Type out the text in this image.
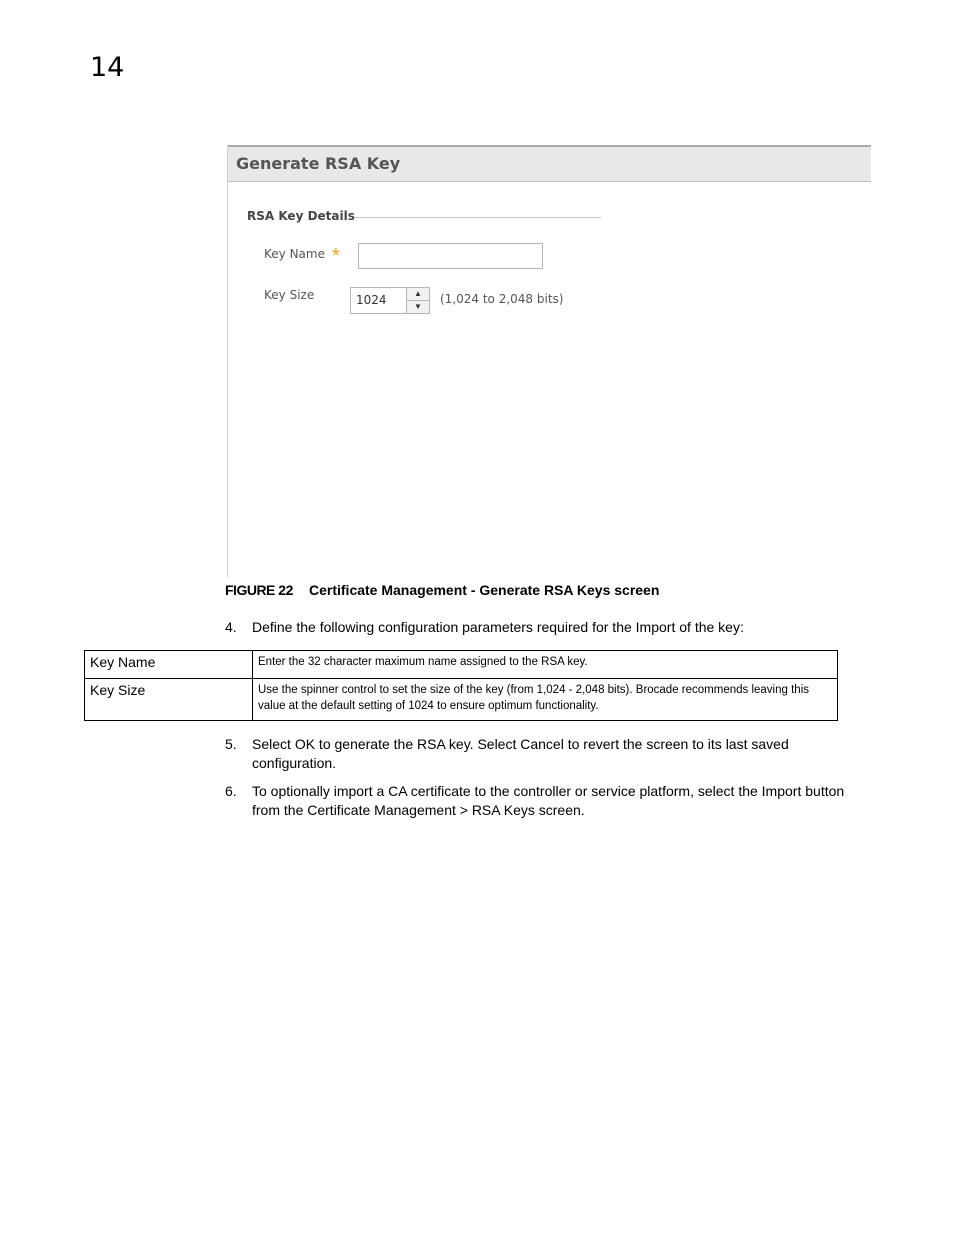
14
Generate RSA Key
RSA Key Details
Key Name *
Key Size	1024	▲
▼
(1,024 to 2,048 bits)
FIGURE 22 Certificate Management - Generate RSA Keys screen
4. Define the following configuration parameters required for the Import of the key:
Key Name	Enter the 32 character maximum name assigned to the RSA key.
Key Size	Use the spinner control to set the size of the key (from 1,024 - 2,048 bits). Brocade recommends leaving this value at the default setting of 1024 to ensure optimum functionality.
5. Select OK to generate the RSA key. Select Cancel to revert the screen to its last saved configuration.
6. To optionally import a CA certificate to the controller or service platform, select the Import button from the Certificate Management > RSA Keys screen.
